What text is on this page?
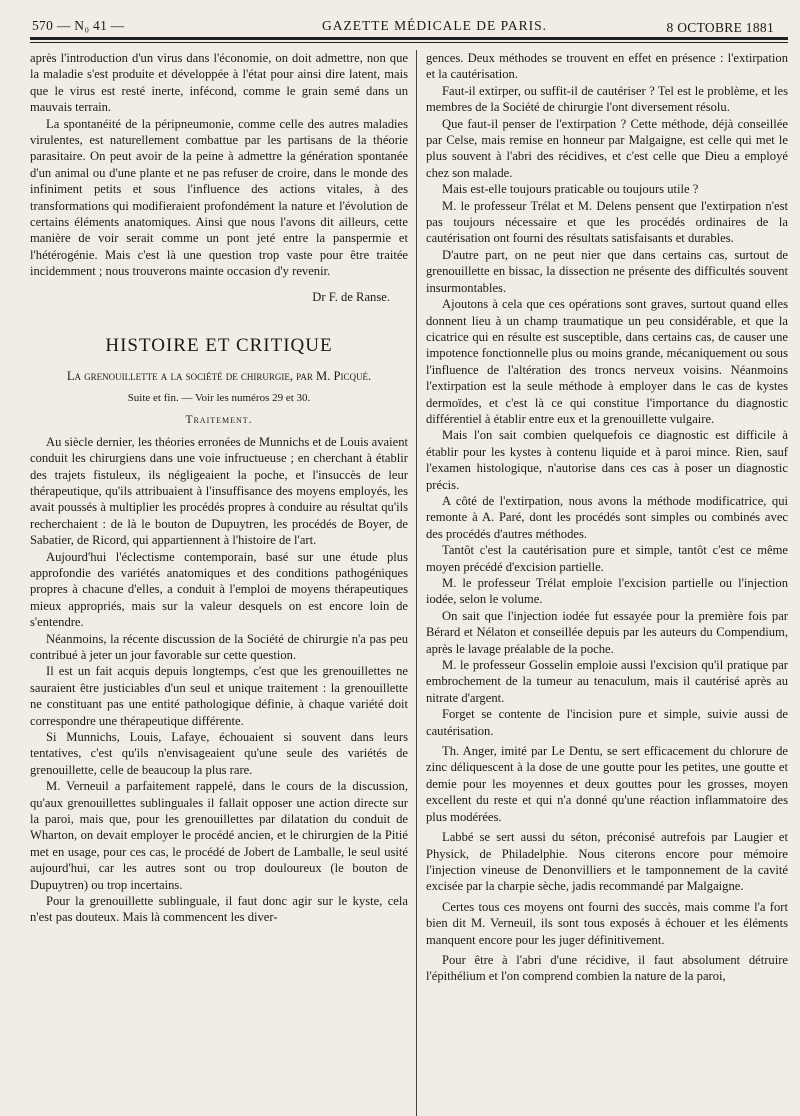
570 — N₀ 41 —	GAZETTE MÉDICALE DE PARIS.	8 OCTOBRE 1881

après l'introduction d'un virus dans l'économie, on doit admettre, non que la maladie s'est produite et développée à l'état pour ainsi dire latent, mais que le virus est resté inerte, infécond, comme le grain semé dans un mauvais terrain.

La spontanéité de la péripneumonie, comme celle des autres maladies virulentes, est naturellement combattue par les partisans de la théorie parasitaire. On peut avoir de la peine à admettre la génération spontanée d'un animal ou d'une plante et ne pas refuser de croire, dans le monde des infiniment petits et sous l'influence des actions vitales, à des transformations qui modifieraient profondément la nature et l'évolution de certains éléments anatomiques. Ainsi que nous l'avons dit ailleurs, cette manière de voir serait comme un pont jeté entre la panspermie et l'hétérogénie. Mais c'est là une question trop vaste pour être traitée incidemment ; nous trouverons mainte occasion d'y revenir.

Dr F. de Ranse.
HISTOIRE ET CRITIQUE
La grenouillette a la société de chirurgie, par M. Picqué.
Suite et fin. — Voir les numéros 29 et 30.
Traitement.

Au siècle dernier, les théories erronées de Munnichs et de Louis avaient conduit les chirurgiens dans une voie infructueuse ; en cherchant à établir des trajets fistuleux, ils négligeaient la poche, et l'insuccès de leur thérapeutique, qu'ils attribuaient à l'insuffisance des moyens employés, les avait poussés à multiplier les procédés propres à conduire au résultat qu'ils recherchaient : de là le bouton de Dupuytren, les procédés de Boyer, de Sabatier, de Ricord, qui appartiennent à l'histoire de l'art.

Aujourd'hui l'éclectisme contemporain, basé sur une étude plus approfondie des variétés anatomiques et des conditions pathogéniques propres à chacune d'elles, a conduit à l'emploi de moyens thérapeutiques mieux appropriés, mais sur la valeur desquels on est encore loin de s'entendre.

Néanmoins, la récente discussion de la Société de chirurgie n'a pas peu contribué à jeter un jour favorable sur cette question.

Il est un fait acquis depuis longtemps, c'est que les grenouillettes ne sauraient être justiciables d'un seul et unique traitement : la grenouillette ne constituant pas une entité pathologique définie, à chaque variété doit correspondre une thérapeutique différente.

Si Munnichs, Louis, Lafaye, échouaient si souvent dans leurs tentatives, c'est qu'ils n'envisageaient qu'une seule des variétés de grenouillette, celle de beaucoup la plus rare.

M. Verneuil a parfaitement rappelé, dans le cours de la discussion, qu'aux grenouillettes sublinguales il fallait opposer une action directe sur la paroi, mais que, pour les grenouillettes par dilatation du conduit de Wharton, on devait employer le procédé ancien, et le chirurgien de la Pitié met en usage, pour ces cas, le procédé de Jobert de Lamballe, le seul usité aujourd'hui, car les autres sont ou trop douloureux (le bouton de Dupuytren) ou trop incertains.

Pour la grenouillette sublinguale, il faut donc agir sur le kyste, cela n'est pas douteux. Mais là commencent les diver-

gences. Deux méthodes se trouvent en effet en présence : l'extirpation et la cautérisation.

Faut-il extirper, ou suffit-il de cautériser ? Tel est le problème, et les membres de la Société de chirurgie l'ont diversement résolu.

Que faut-il penser de l'extirpation ? Cette méthode, déjà conseillée par Celse, mais remise en honneur par Malgaigne, est celle qui met le plus souvent à l'abri des récidives, et c'est celle que Dieu a employé chez son malade.

Mais est-elle toujours praticable ou toujours utile ?

M. le professeur Trélat et M. Delens pensent que l'extirpation n'est pas toujours nécessaire et que les procédés ordinaires de la cautérisation ont fourni des résultats satisfaisants et durables.

D'autre part, on ne peut nier que dans certains cas, surtout de grenouillette en bissac, la dissection ne présente des difficultés souvent insurmontables.

Ajoutons à cela que ces opérations sont graves, surtout quand elles donnent lieu à un champ traumatique un peu considérable, et que la cicatrice qui en résulte est susceptible, dans certains cas, de causer une impotence fonctionnelle plus ou moins grande, mécaniquement ou sous l'influence de l'altération des troncs nerveux voisins. Néanmoins l'extirpation est la seule méthode à employer dans le cas de kystes dermoïdes, et c'est là ce qui constitue l'importance du diagnostic différentiel à établir entre eux et la grenouillette vulgaire.

Mais l'on sait combien quelquefois ce diagnostic est difficile à établir pour les kystes à contenu liquide et à paroi mince. Rien, sauf l'examen histologique, n'autorise dans ces cas à poser un diagnostic précis.

A côté de l'extirpation, nous avons la méthode modificatrice, qui remonte à A. Paré, dont les procédés sont simples ou combinés avec des procédés d'autres méthodes.

Tantôt c'est la cautérisation pure et simple, tantôt c'est ce même moyen précédé d'excision partielle.

M. le professeur Trélat emploie l'excision partielle ou l'injection iodée, selon le volume.

On sait que l'injection iodée fut essayée pour la première fois par Bérard et Nélaton et conseillée depuis par les auteurs du Compendium, après le lavage préalable de la poche.

M. le professeur Gosselin emploie aussi l'excision qu'il pratique par embrochement de la tumeur au tenaculum, mais il cautérisé après au nitrate d'argent.

Forget se contente de l'incision pure et simple, suivie aussi de cautérisation.

Th. Anger, imité par Le Dentu, se sert efficacement du chlorure de zinc déliquescent à la dose de une goutte pour les petites, une goutte et demie pour les moyennes et deux gouttes pour les grosses, moyen excellent du reste et qui n'a donné qu'une réaction inflammatoire des plus modérées.

Labbé se sert aussi du séton, préconisé autrefois par Laugier et Physick, de Philadelphie. Nous citerons encore pour mémoire l'injection vineuse de Denonvilliers et le tamponnement de la cavité excisée par la charpie sèche, jadis recommandé par Malgaigne.

Certes tous ces moyens ont fourni des succès, mais comme l'a fort bien dit M. Verneuil, ils sont tous exposés à échouer et les éléments manquent encore pour les juger définitivement.

Pour être à l'abri d'une récidive, il faut absolument détruire l'épithélium et l'on comprend combien la nature de la paroi,
